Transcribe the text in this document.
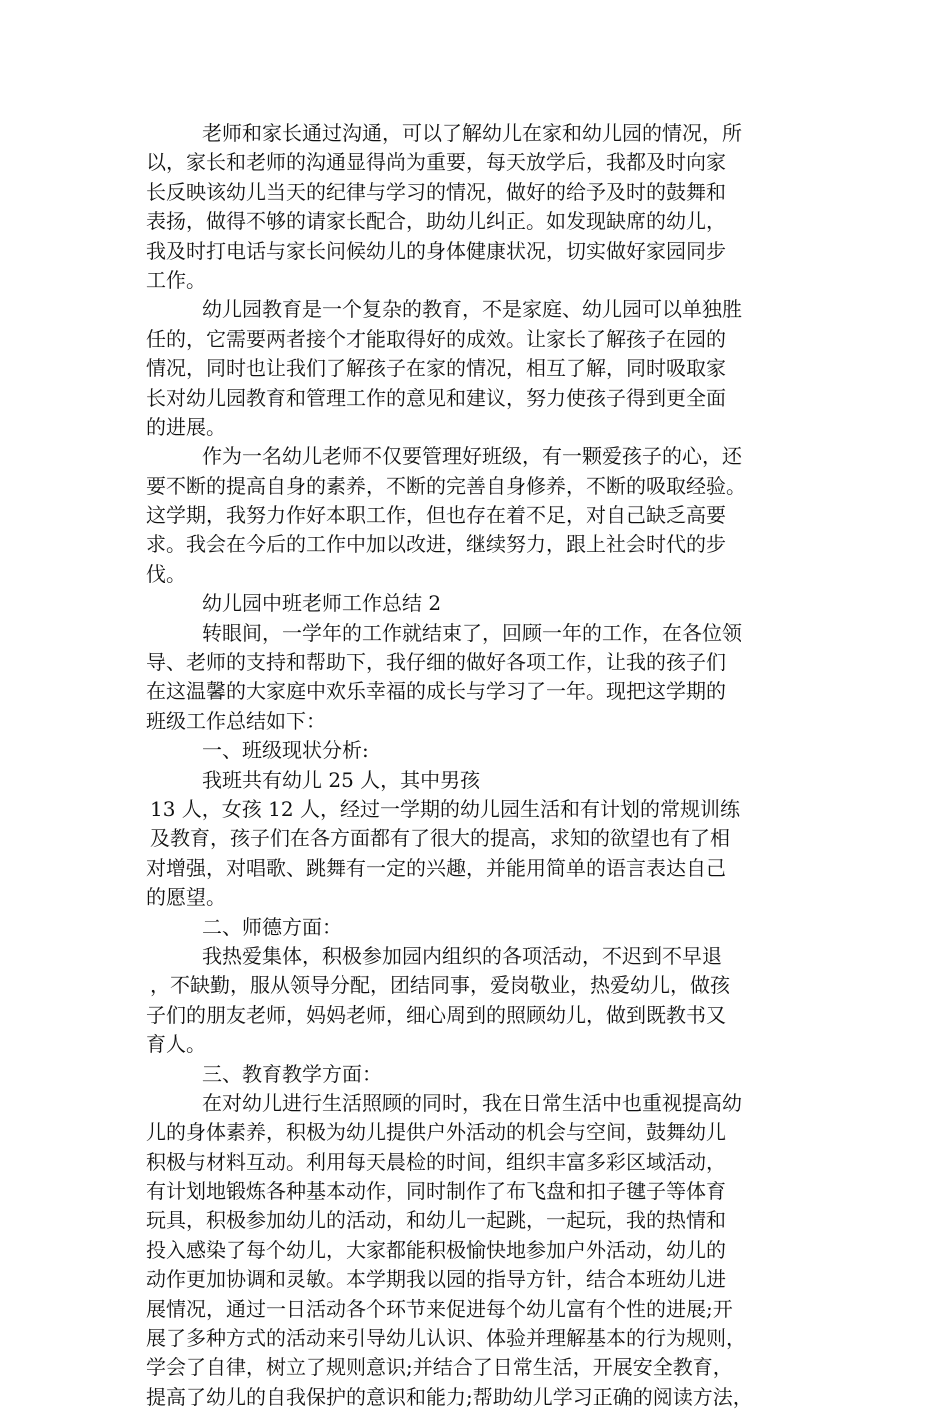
老师和家长通过沟通，可以了解幼儿在家和幼儿园的情况，所
以，家长和老师的沟通显得尚为重要，每天放学后，我都及时向家
长反映该幼儿当天的纪律与学习的情况，做好的给予及时的鼓舞和
表扬，做得不够的请家长配合，助幼儿纠正。如发现缺席的幼儿，
我及时打电话与家长问候幼儿的身体健康状况，切实做好家园同步
工作。
幼儿园教育是一个复杂的教育，不是家庭、幼儿园可以单独胜
任的，它需要两者接个才能取得好的成效。让家长了解孩子在园的
情况，同时也让我们了解孩子在家的情况，相互了解，同时吸取家
长对幼儿园教育和管理工作的意见和建议，努力使孩子得到更全面
的进展。
作为一名幼儿老师不仅要管理好班级，有一颗爱孩子的心，还
要不断的提高自身的素养，不断的完善自身修养，不断的吸取经验。
这学期，我努力作好本职工作，但也存在着不足，对自己缺乏高要
求。我会在今后的工作中加以改进，继续努力，跟上社会时代的步
伐。
幼儿园中班老师工作总结 2
转眼间，一学年的工作就结束了，回顾一年的工作，在各位领
导、老师的支持和帮助下，我仔细的做好各项工作，让我的孩子们
在这温馨的大家庭中欢乐幸福的成长与学习了一年。现把这学期的
班级工作总结如下：
一、班级现状分析:
我班共有幼儿 25 人，其中男孩
13 人，女孩 12 人，经过一学期的幼儿园生活和有计划的常规训练
及教育，孩子们在各方面都有了很大的提高，求知的欲望也有了相
对增强，对唱歌、跳舞有一定的兴趣，并能用简单的语言表达自己
的愿望。
二、师德方面：
我热爱集体，积极参加园内组织的各项活动，不迟到不早退
，不缺勤，服从领导分配，团结同事，爱岗敬业，热爱幼儿，做孩
子们的朋友老师，妈妈老师，细心周到的照顾幼儿，做到既教书又
育人。
三、教育教学方面：
在对幼儿进行生活照顾的同时，我在日常生活中也重视提高幼
儿的身体素养，积极为幼儿提供户外活动的机会与空间，鼓舞幼儿
积极与材料互动。利用每天晨检的时间，组织丰富多彩区域活动，
有计划地锻炼各种基本动作，同时制作了布飞盘和扣子毽子等体育
玩具，积极参加幼儿的活动，和幼儿一起跳，一起玩，我的热情和
投入感染了每个幼儿，大家都能积极愉快地参加户外活动，幼儿的
动作更加协调和灵敏。本学期我以园的指导方针，结合本班幼儿进
展情况，通过一日活动各个环节来促进每个幼儿富有个性的进展;开
展了多种方式的活动来引导幼儿认识、体验并理解基本的行为规则，
学会了自律，树立了规则意识;并结合了日常生活，开展安全教育，
提高了幼儿的自我保护的意识和能力;帮助幼儿学习正确的阅读方法，
